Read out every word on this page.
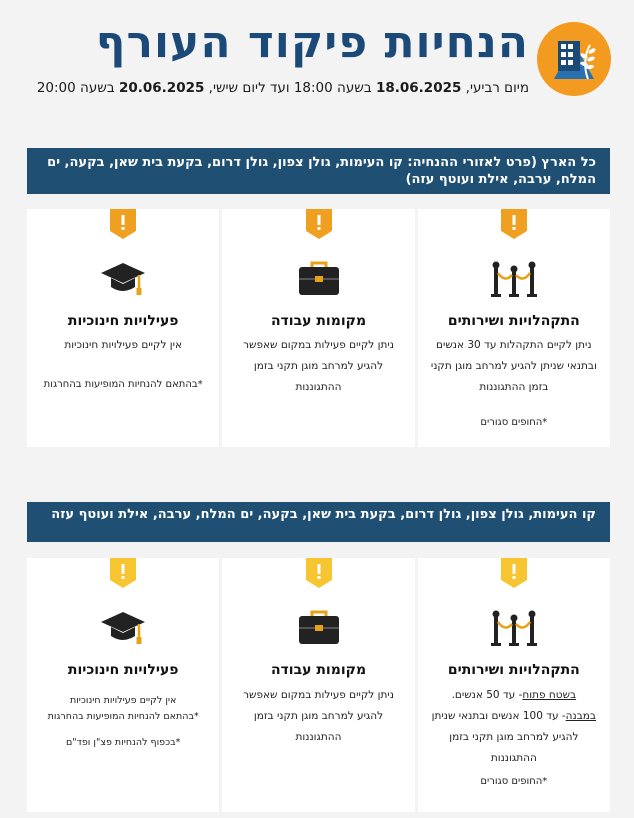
הנחיות פיקוד העורף
מיום רביעי, 18.06.2025 בשעה 18:00 ועד ליום שישי, 20.06.2025 בשעה 20:00
כל הארץ (פרט לאזורי ההנחיה: קו העימות, גולן צפון, גולן דרום, בקעת בית שאן, בקעה, ים המלח, ערבה, אילת ועוטף עזה)
התקהלויות ושירותים
ניתן לקיים התקהלות עד 30 אנשים ובתנאי שניתן להגיע למרחב מוגן תקני בזמן ההתגוננות
*החופים סגורים
מקומות עבודה
ניתן לקיים פעילות במקום שאפשר להגיע למרחב מוגן תקני בזמן ההתגוננות
פעילויות חינוכיות
אין לקיים פעילויות חינוכיות
*בהתאם להנחיות המופיעות בהחרגות
קו העימות, גולן צפון, גולן דרום, בקעת בית שאן, בקעה, ים המלח, ערבה, אילת ועוטף עזה
התקהלויות ושירותים
בשטח פתוח- עד 50 אנשים.
במבנה- עד 100 אנשים ובתנאי שניתן להגיע למרחב מוגן תקני בזמן ההתגוננות
*החופים סגורים
מקומות עבודה
ניתן לקיים פעילות במקום שאפשר להגיע למרחב מוגן תקני בזמן ההתגוננות
פעילויות חינוכיות
אין לקיים פעילויות חינוכיות
*בהתאם להנחיות המופיעות בהחרגות
*בכפוף להנחיות פצ"ן ופד"ם
